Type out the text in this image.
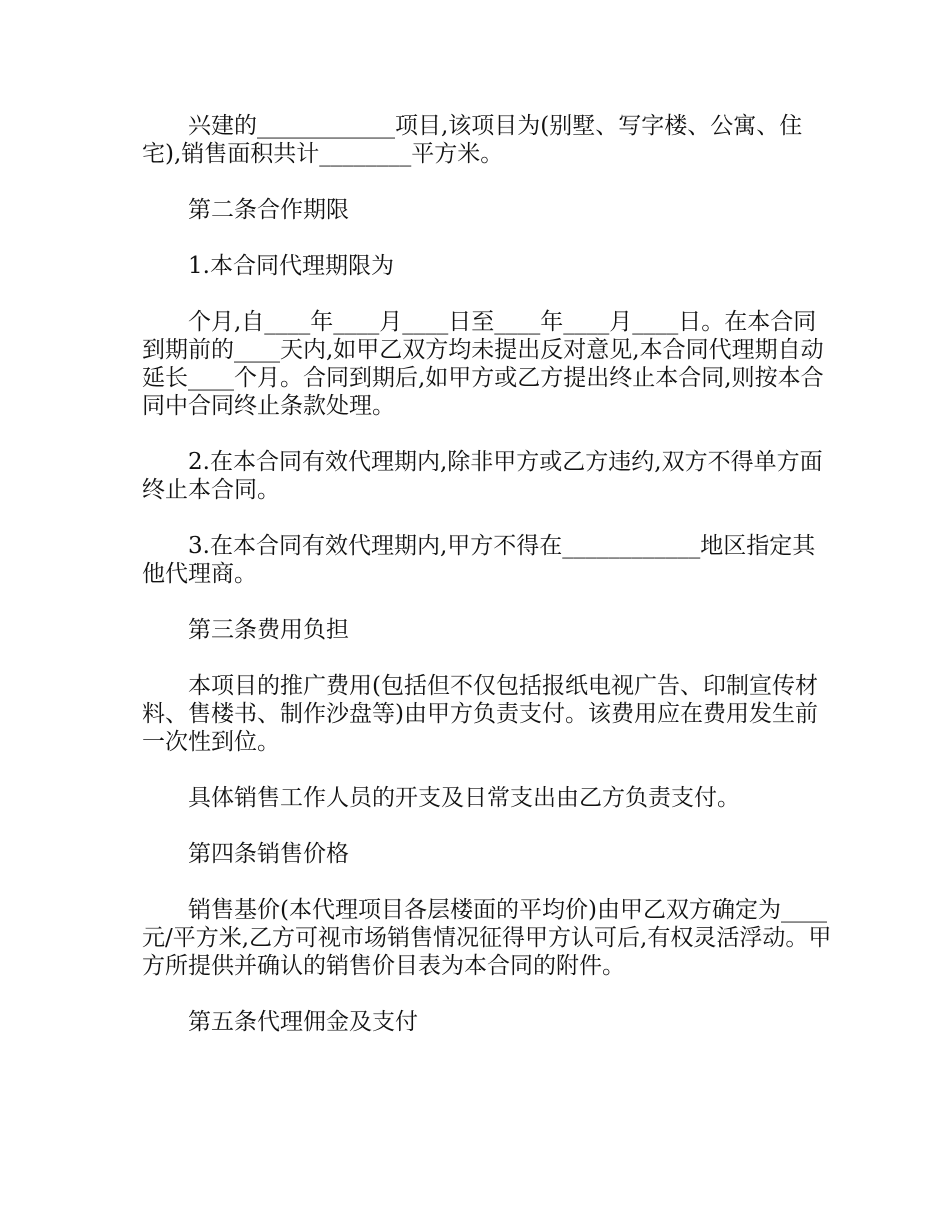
兴建的____________项目,该项目为(别墅、写字楼、公寓、住宅),销售面积共计________平方米。

第二条合作期限

1.本合同代理期限为

个月,自____年____月____日至____年____月____日。在本合同到期前的____天内,如甲乙双方均未提出反对意见,本合同代理期自动延长____个月。合同到期后,如甲方或乙方提出终止本合同,则按本合同中合同终止条款处理。

2.在本合同有效代理期内,除非甲方或乙方违约,双方不得单方面终止本合同。

3.在本合同有效代理期内,甲方不得在____________地区指定其他代理商。

第三条费用负担

本项目的推广费用(包括但不仅包括报纸电视广告、印制宣传材料、售楼书、制作沙盘等)由甲方负责支付。该费用应在费用发生前一次性到位。

具体销售工作人员的开支及日常支出由乙方负责支付。

第四条销售价格

销售基价(本代理项目各层楼面的平均价)由甲乙双方确定为____元/平方米,乙方可视市场销售情况征得甲方认可后,有权灵活浮动。甲方所提供并确认的销售价目表为本合同的附件。

第五条代理佣金及支付
